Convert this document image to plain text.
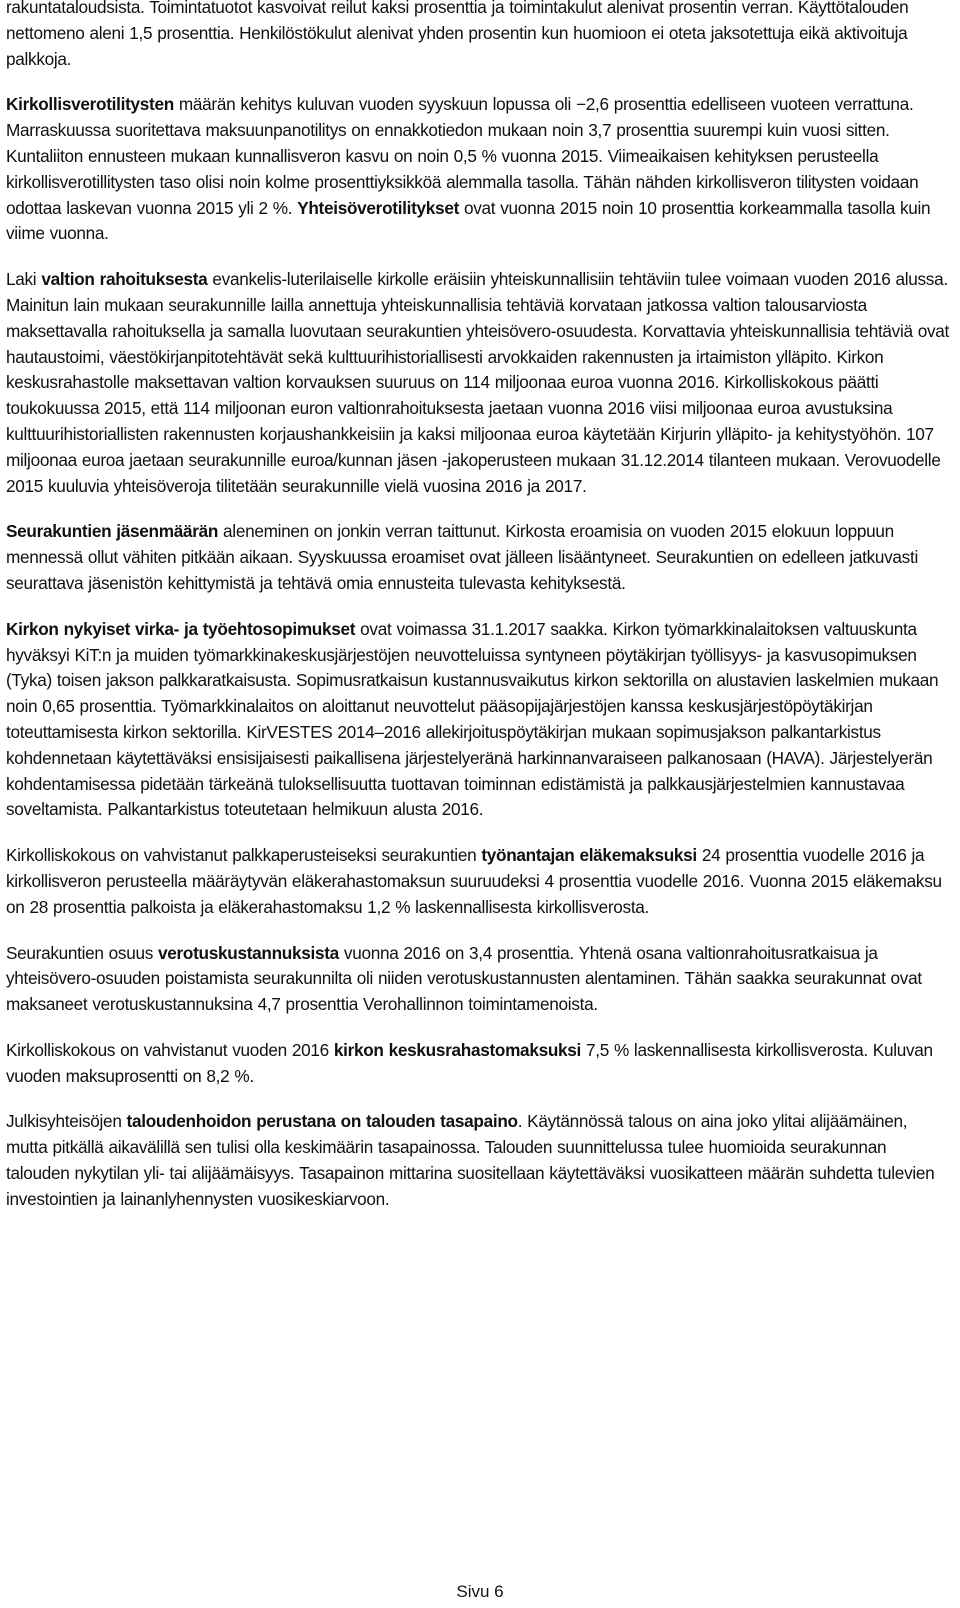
rakuntataloudsista. Toimintatuotot kasvoivat reilut kaksi prosenttia ja toimintakulut alenivat prosentin verran. Käyttötalouden nettomeno aleni 1,5 prosenttia. Henkilöstökulut alenivat yhden prosentin kun huomioon ei oteta jaksotettuja eikä aktivoituja palkkoja.

Kirkollisverotilitysten määrän kehitys kuluvan vuoden syyskuun lopussa oli −2,6 prosenttia edelliseen vuoteen verrattuna. Marraskuussa suoritettava maksuunpanotilitys on ennakkotiedon mukaan noin 3,7 prosenttia suurempi kuin vuosi sitten. Kuntaliiton ennusteen mukaan kunnallisveron kasvu on noin 0,5 % vuonna 2015. Viimeaikaisen kehityksen perusteella kirkollisverotillitysten taso olisi noin kolme prosenttiyksikköä alemmalla tasolla. Tähän nähden kirkollisveron tilitysten voidaan odottaa laskevan vuonna 2015 yli 2 %. Yhteisöverotilitykset ovat vuonna 2015 noin 10 prosenttia korkeammalla tasolla kuin viime vuonna.

Laki valtion rahoituksesta evankelis-luterilaiselle kirkolle eräisiin yhteiskunnallisiin tehtäviin tulee voimaan vuoden 2016 alussa. Mainitun lain mukaan seurakunnille lailla annettuja yhteiskunnallisia tehtäviä korvataan jatkossa valtion talousarviosta maksettavalla rahoituksella ja samalla luovutaan seurakuntien yhteisövero-osuudesta. Korvattavia yhteiskunnallisia tehtäviä ovat hautaustoimi, väestökirjanpitotehtävät sekä kulttuurihistoriallisesti arvokkaiden rakennusten ja irtaimiston ylläpito. Kirkon keskusrahastolle maksettavan valtion korvauksen suuruus on 114 miljoonaa euroa vuonna 2016. Kirkolliskokous päätti toukokuussa 2015, että 114 miljoonan euron valtionrahoituksesta jaetaan vuonna 2016 viisi miljoonaa euroa avustuksina kulttuurihistoriallisten rakennusten korjaushankkeisiin ja kaksi miljoonaa euroa käytetään Kirjurin ylläpito- ja kehitystyöhön. 107 miljoonaa euroa jaetaan seurakunnille euroa/kunnan jäsen -jakoperusteen mukaan 31.12.2014 tilanteen mukaan. Verovuodelle 2015 kuuluvia yhteisöveroja tilitetään seurakunnille vielä vuosina 2016 ja 2017.

Seurakuntien jäsenmäärän aleneminen on jonkin verran taittunut. Kirkosta eroamisia on vuoden 2015 elokuun loppuun mennessä ollut vähiten pitkään aikaan. Syyskuussa eroamiset ovat jälleen lisääntyneet. Seurakuntien on edelleen jatkuvasti seurattava jäsenistön kehittymistä ja tehtävä omia ennusteita tulevasta kehityksestä.

Kirkon nykyiset virka- ja työehtosopimukset ovat voimassa 31.1.2017 saakka. Kirkon työmarkkinalaitoksen valtuuskunta hyväksyi KiT:n ja muiden työmarkkinakeskusjärjestöjen neuvotteluissa syntyneen pöytäkirjan työllisyys- ja kasvusopimuksen (Tyka) toisen jakson palkkaratkaisusta. Sopimusratkaisun kustannusvaikutus kirkon sektorilla on alustavien laskelmien mukaan noin 0,65 prosenttia. Työmarkkinalaitos on aloittanut neuvottelut pääsopijajärjestöjen kanssa keskusjärjestöpöytäkirjan toteuttamisesta kirkon sektorilla. KirVESTES 2014–2016 allekirjoituspöytäkirjan mukaan sopimusjakson palkantarkistus kohdennetaan käytettäväksi ensisijaisesti paikallisena järjestelyeränä harkinnanvaraiseen palkanosaan (HAVA). Järjestelyerän kohdentamisessa pidetään tärkeänä tuloksellisuutta tuottavan toiminnan edistämistä ja palkkausjärjestelmien kannustavaa soveltamista. Palkantarkistus toteutetaan helmikuun alusta 2016.

Kirkolliskokous on vahvistanut palkkaperusteiseksi seurakuntien työnantajan eläkemaksuksi 24 prosenttia vuodelle 2016 ja kirkollisveron perusteella määräytyvän eläkerahastomaksun suuruudeksi 4 prosenttia vuodelle 2016. Vuonna 2015 eläkemaksu on 28 prosenttia palkoista ja eläkerahastomaksu 1,2 % laskennallisesta kirkollisverosta.

Seurakuntien osuus verotuskustannuksista vuonna 2016 on 3,4 prosenttia. Yhtenä osana valtionrahoitusratkaisua ja yhteisövero-osuuden poistamista seurakunnilta oli niiden verotuskustannusten alentaminen. Tähän saakka seurakunnat ovat maksaneet verotuskustannuksina 4,7 prosenttia Verohallinnon toimintamenoista.

Kirkolliskokous on vahvistanut vuoden 2016 kirkon keskusrahastomaksuksi 7,5 % laskennallisesta kirkollisverosta. Kuluvan vuoden maksuprosentti on 8,2 %.

Julkisyhteisöjen taloudenhoidon perustana on talouden tasapaino. Käytännössä talous on aina joko ylitai alijäämäinen, mutta pitkällä aikavälillä sen tulisi olla keskimäärin tasapainossa. Talouden suunnittelussa tulee huomioida seurakunnan talouden nykytilan yli- tai alijäämäisyys. Tasapainon mittarina suositellaan käytettäväksi vuosikatteen määrän suhdetta tulevien investointien ja lainanlyhennysten vuosikeskiarvoon.

Sivu 6
